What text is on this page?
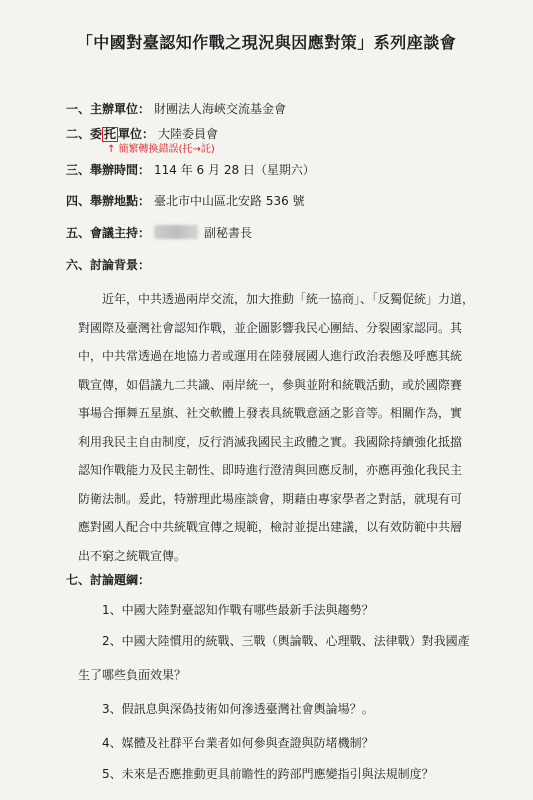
「中國對臺認知作戰之現況與因應對策」系列座談會
一、主辦單位： 財團法人海峽交流基金會
二、委 托 單位： 大陸委員會
↑ 簡繁轉換錯誤(托→託)
三、舉辦時間： 114 年 6 月 28 日（星期六）
四、舉辦地點： 臺北市中山區北安路 536 號
五、會議主持：	副秘書長
六、討論背景：
近年，中共透過兩岸交流，加大推動「統一協商」、「反獨促統」力道，
對國際及臺灣社會認知作戰，並企圖影響我民心團結、分裂國家認同。其
中，中共常透過在地協力者或運用在陸發展國人進行政治表態及呼應其統
戰宣傳，如倡議九二共識、兩岸統一，參與並附和統戰活動，或於國際賽
事場合揮舞五星旗、社交軟體上發表具統戰意涵之影音等。相關作為，實
利用我民主自由制度，反行消滅我國民主政體之實。我國除持續強化抵擋
認知作戰能力及民主韌性、即時進行澄清與回應反制，亦應再強化我民主
防衛法制。爰此，特辦理此場座談會，期藉由專家學者之對話，就現有可
應對國人配合中共統戰宣傳之規範，檢討並提出建議，以有效防範中共層
出不窮之統戰宣傳。
七、討論題綱：
1、中國大陸對臺認知作戰有哪些最新手法與趨勢？
2、中國大陸慣用的統戰、三戰（輿論戰、心理戰、法律戰）對我國產
生了哪些負面效果？
3、假訊息與深偽技術如何滲透臺灣社會輿論場？。
4、媒體及社群平台業者如何參與查證與防堵機制？
5、未來是否應推動更具前瞻性的跨部門應變指引與法規制度？
